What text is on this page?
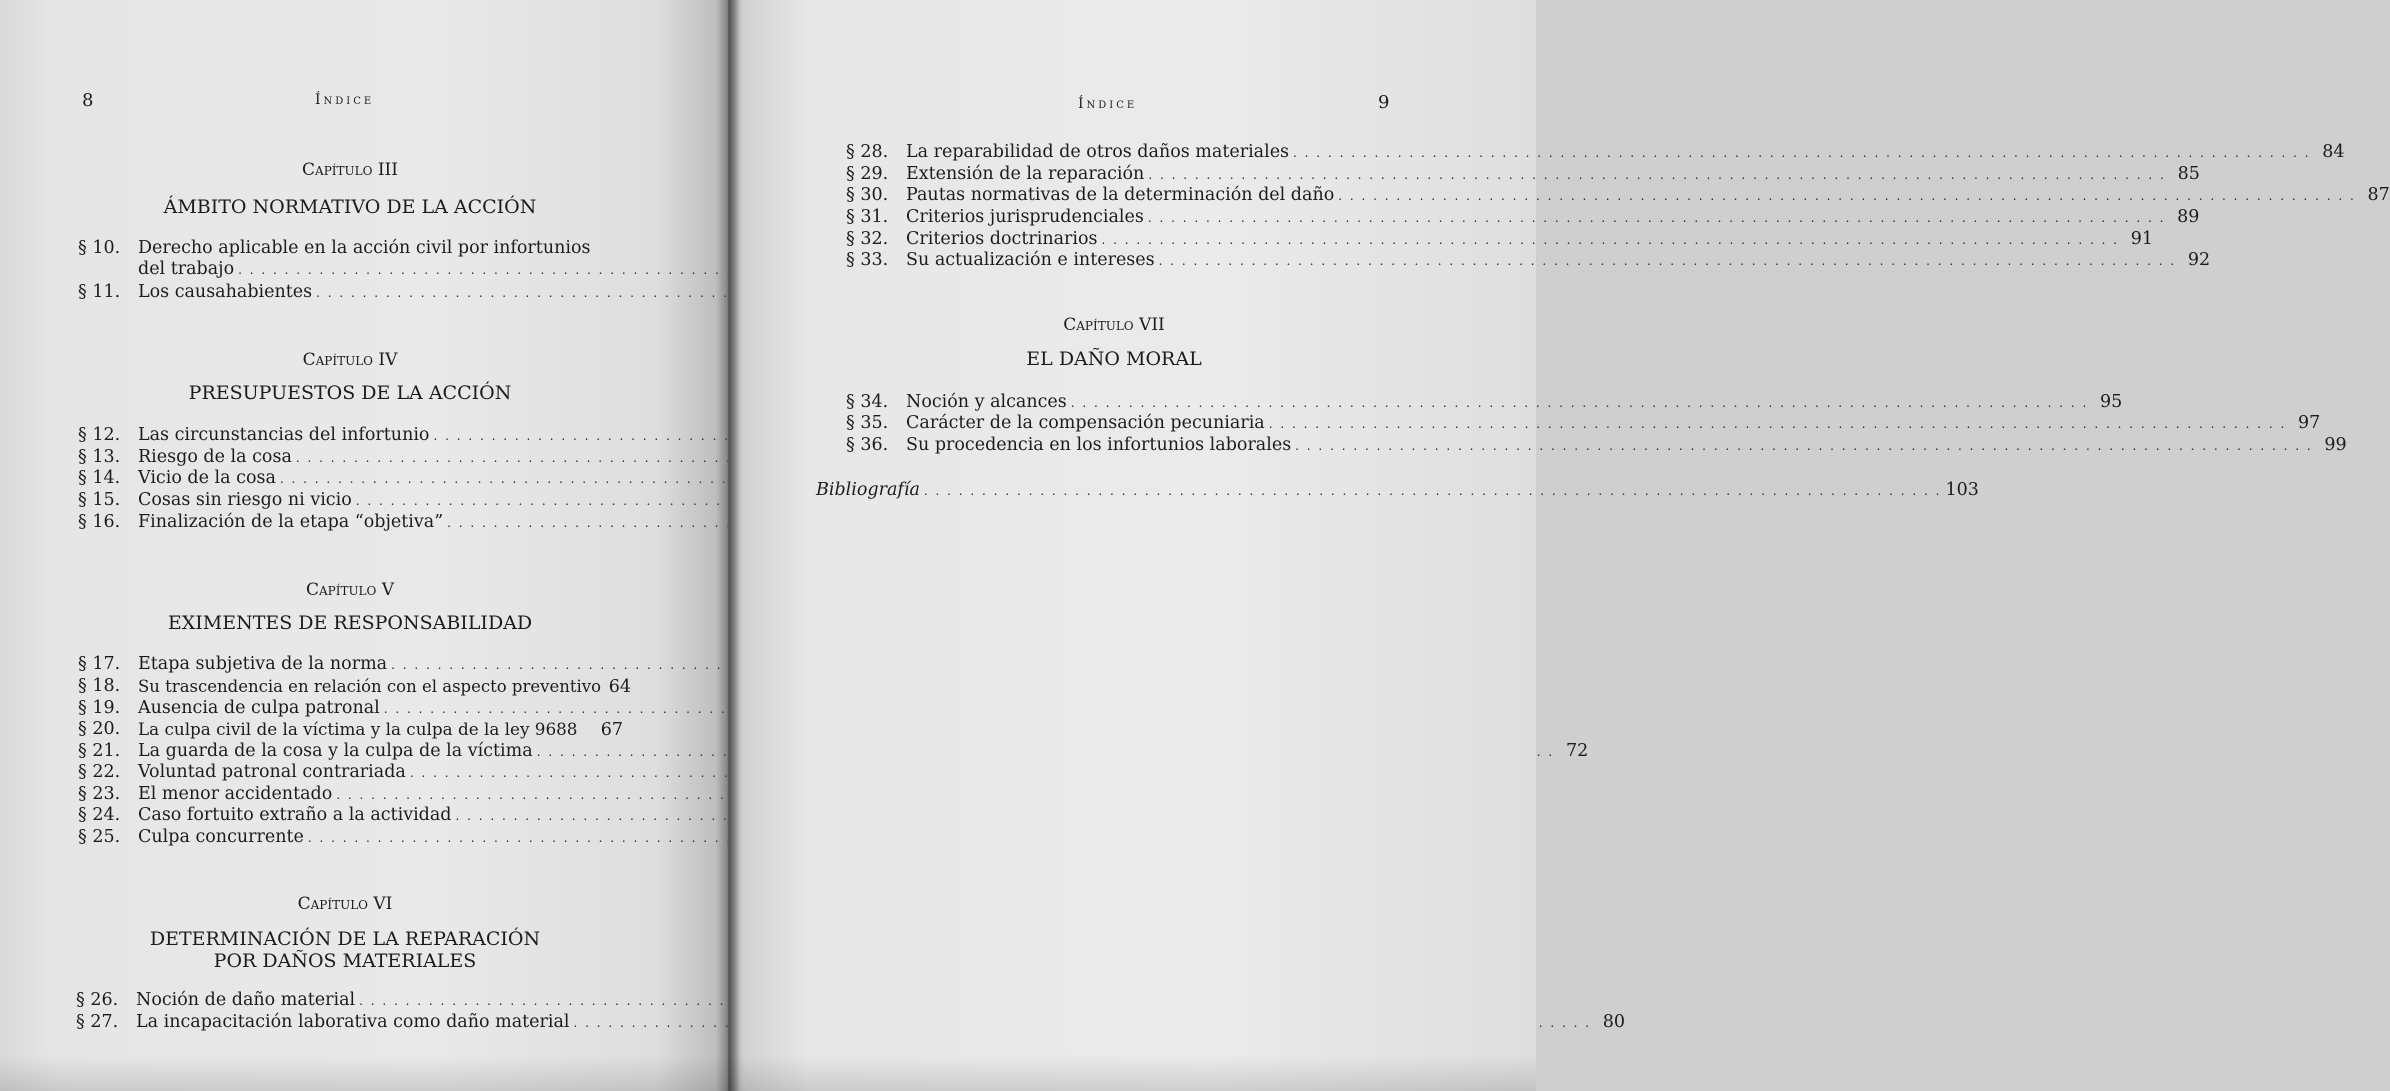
8	Índice
Capítulo III
ÁMBITO NORMATIVO DE LA ACCIÓN
§ 10.	Derecho aplicable en la acción civil por infortunios
del trabajo
. . .
§ 11.	Los causahabientes
. . .
Capítulo IV
PRESUPUESTOS DE LA ACCIÓN
§ 12.	Las circunstancias del infortunio
. . .
§ 13.	Riesgo de la cosa
. . .
§ 14.	Vicio de la cosa
. . .
§ 15.	Cosas sin riesgo ni vicio
. . .
§ 16.	Finalización de la etapa “objetiva”
. . .
Capítulo V
EXIMENTES DE RESPONSABILIDAD
§ 17.	Etapa subjetiva de la norma
. . .
§ 18.	Su trascendencia en relación con el aspecto preventivo 64
§ 19.	Ausencia de culpa patronal
. . .
§ 20.	La culpa civil de la víctima y la culpa de la ley 9688	67
§ 21.	La guarda de la cosa y la culpa de la víctima . . .	72
§ 22.	Voluntad patronal contrariada
. . .
§ 23.	El menor accidentado
. . .
§ 24.	Caso fortuito extraño a la actividad
. . .
§ 25.	Culpa concurrente
. . .
Capítulo VI
DETERMINACIÓN DE LA REPARACIÓN POR DAÑOS MATERIALES
§ 26.	Noción de daño material
. . .
§ 27.	La incapacitación laborativa como daño material . . .	80
Índice	9
§ 28.	La reparabilidad de otros daños materiales . . .	84
§ 29.	Extensión de la reparación . . .	85
§ 30.	Pautas normativas de la determinación del daño . . .	87
§ 31.	Criterios jurisprudenciales . . .	89
§ 32.	Criterios doctrinarios . . .	91
§ 33.	Su actualización e intereses . . .	92
Capítulo VII
EL DAÑO MORAL
§ 34.	Noción y alcances . . .	95
§ 35.	Carácter de la compensación pecuniaria . . .	97
§ 36.	Su procedencia en los infortunios laborales . . .	99
Bibliografía . . .	103
